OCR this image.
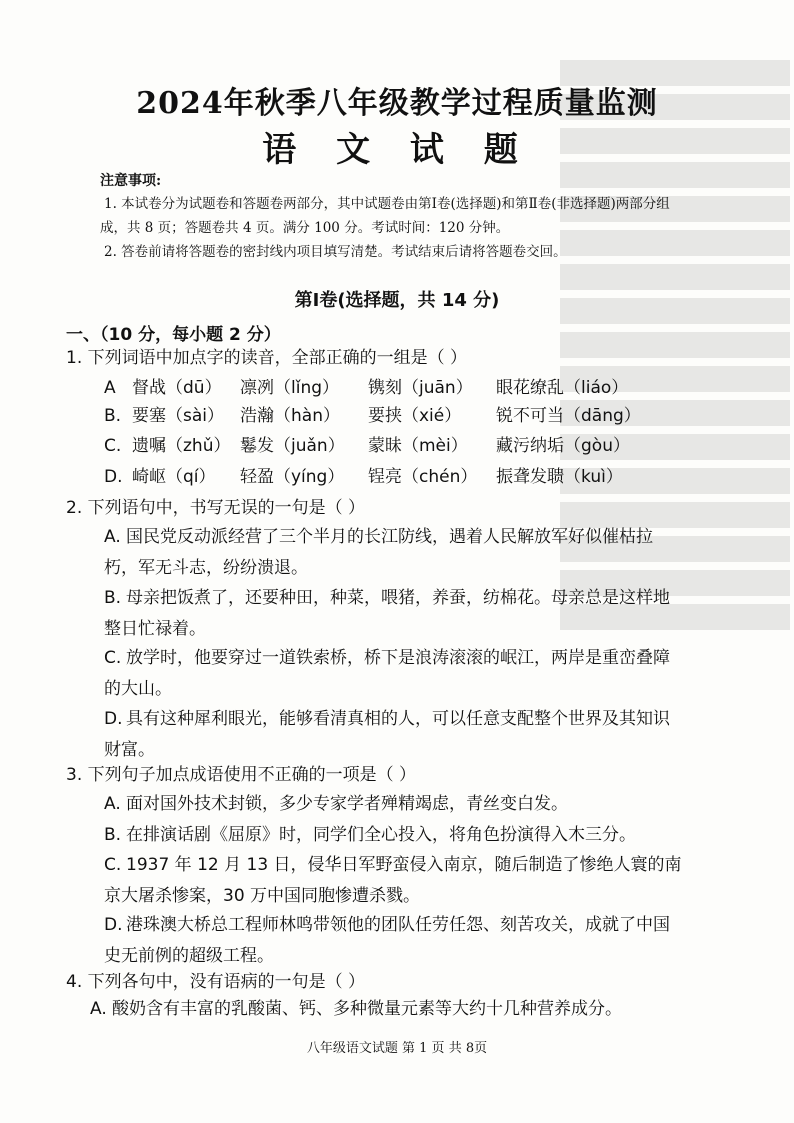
2024年秋季八年级教学过程质量监测
语 文 试 题
注意事项:
1. 本试卷分为试题卷和答题卷两部分，其中试题卷由第Ⅰ卷(选择题)和第Ⅱ卷(非选择题)两部分组成，共 8 页；答题卷共 4 页。满分 100 分。考试时间：120 分钟。
2. 答卷前请将答题卷的密封线内项目填写清楚。考试结束后请将答题卷交回。
第Ⅰ卷(选择题，共 14 分)
一、（10 分，每小题 2 分）
1. 下列词语中加点字的读音，全部正确的一组是（ ）
A 督战（dū） 凛冽（lǐng） 镌刻（juān） 眼花缭乱（liáo）
B. 要塞（sài） 浩瀚（hàn） 要挟（xié） 锐不可当（dāng）
C. 遗嘱（zhǔ） 鬈发（juǎn） 蒙昧（mèi） 藏污纳垢（gòu）
D. 崎岖（qí） 轻盈（yíng） 锃亮（chén） 振聋发聩（kuì）
2. 下列语句中，书写无误的一句是（ ）
A. 国民党反动派经营了三个半月的长江防线，遇着人民解放军好似催枯拉朽，军无斗志，纷纷溃退。
B. 母亲把饭煮了，还要种田，种菜，喂猪，养蚕，纺棉花。母亲总是这样地整日忙禄着。
C. 放学时，他要穿过一道铁索桥，桥下是浪涛滚滚的岷江，两岸是重峦叠障的大山。
D. 具有这种犀利眼光，能够看清真相的人，可以任意支配整个世界及其知识财富。
3. 下列句子加点成语使用不正确的一项是（ ）
A. 面对国外技术封锁，多少专家学者殚精竭虑，青丝变白发。
B. 在排演话剧《屈原》时，同学们全心投入，将角色扮演得入木三分。
C. 1937 年 12 月 13 日，侵华日军野蛮侵入南京，随后制造了惨绝人寰的南京大屠杀惨案，30 万中国同胞惨遭杀戮。
D. 港珠澳大桥总工程师林鸣带领他的团队任劳任怨、刻苦攻关，成就了中国史无前例的超级工程。
4. 下列各句中，没有语病的一句是（ ）
A. 酸奶含有丰富的乳酸菌、钙、多种微量元素等大约十几种营养成分。
八年级语文试题 第 1 页 共 8页
